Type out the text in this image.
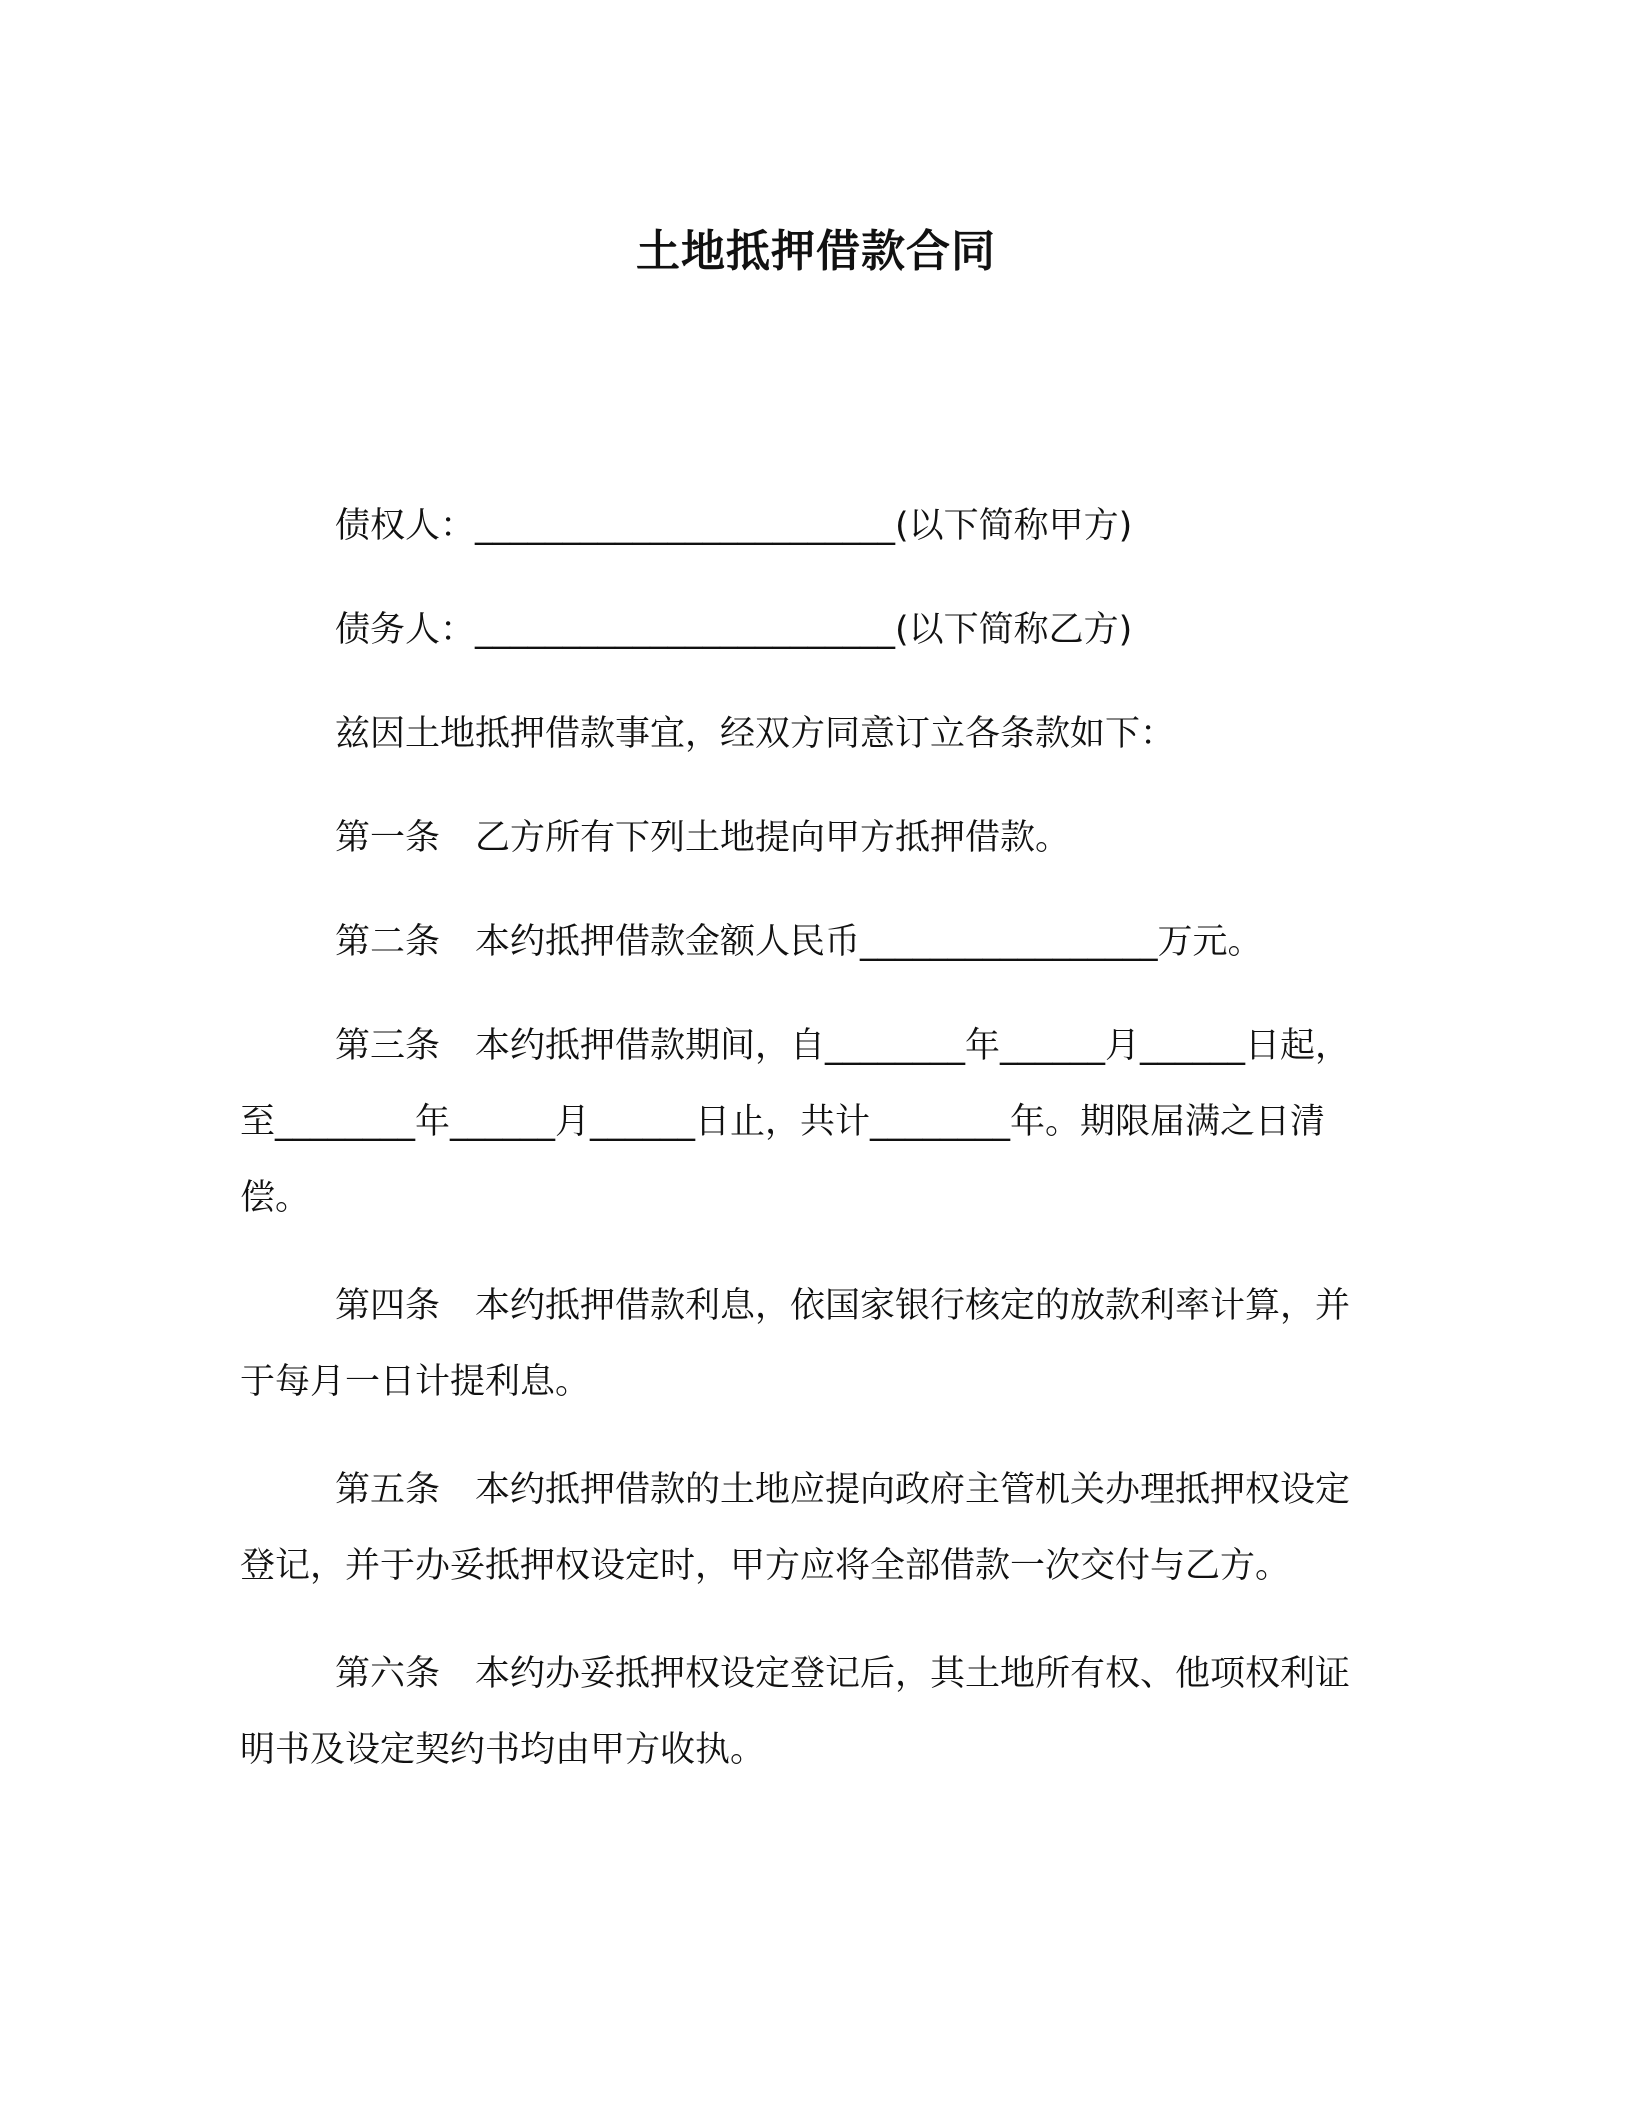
土地抵押借款合同

债权人：________________________(以下简称甲方)

债务人：________________________(以下简称乙方)

兹因土地抵押借款事宜，经双方同意订立各条款如下：

第一条　乙方所有下列土地提向甲方抵押借款。

第二条　本约抵押借款金额人民币_________________万元。

第三条　本约抵押借款期间，自________年______月______日起，至________年______月______日止，共计________年。期限届满之日清偿。

第四条　本约抵押借款利息，依国家银行核定的放款利率计算，并于每月一日计提利息。

第五条　本约抵押借款的土地应提向政府主管机关办理抵押权设定登记，并于办妥抵押权设定时，甲方应将全部借款一次交付与乙方。

第六条　本约办妥抵押权设定登记后，其土地所有权、他项权利证明书及设定契约书均由甲方收执。
